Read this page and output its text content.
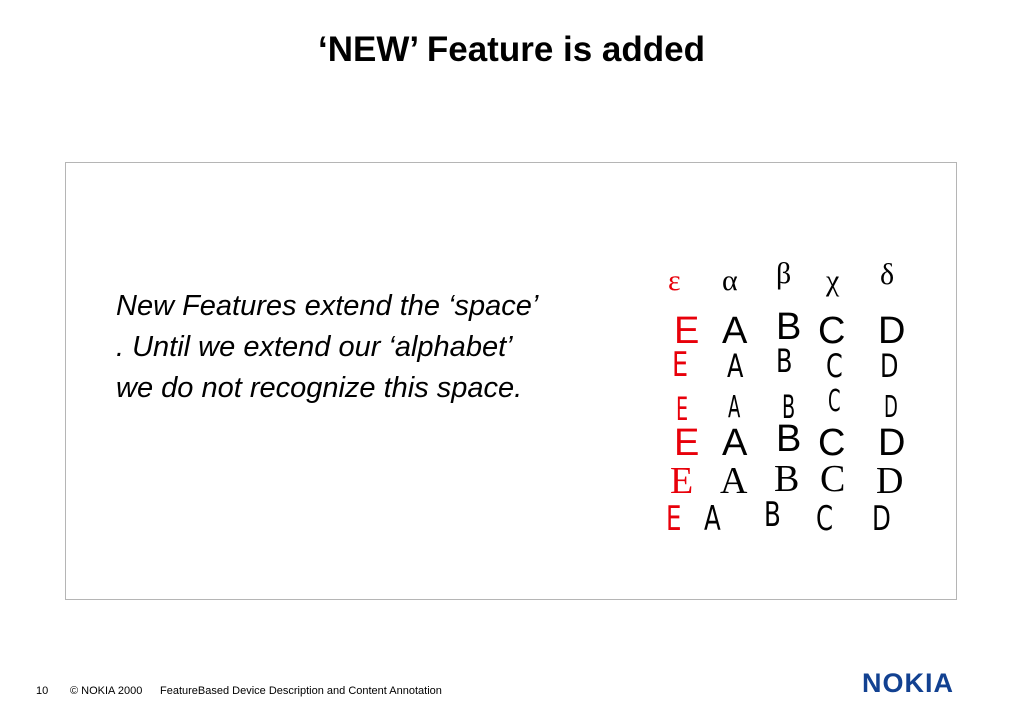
‘NEW’ Feature is added
New Features extend the ‘space’ . Until we extend our ‘alphabet’ we do not recognize this space.
ε α β χ δ
E A B C D
E A B C D
E A B C D
E A B C D
E A B C D
E A B C D
10 © NOKIA 2000 FeatureBased Device Description and Content Annotation	NOKIA
